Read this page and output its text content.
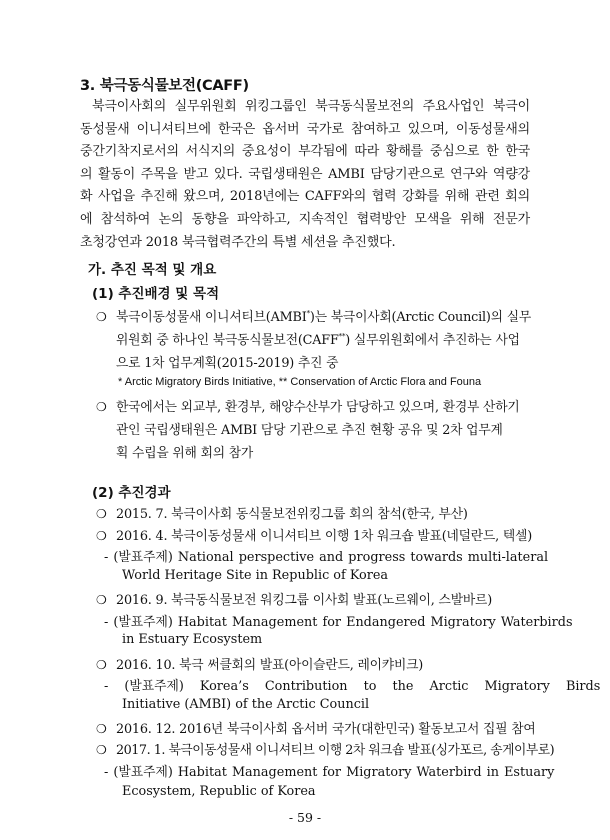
3. 북극동식물보전(CAFF)
북극이사회의 실무위원회 위킹그룹인 북극동식물보전의 주요사업인 북극이
동성물새 이니셔티브에 한국은 옵서버 국가로 참여하고 있으며, 이동성물새의
중간기착지로서의 서식지의 중요성이 부각됨에 따라 황해를 중심으로 한 한국
의 활동이 주목을 받고 있다. 국립생태원은 AMBI 담당기관으로 연구와 역량강
화 사업을 추진해 왔으며, 2018년에는 CAFF와의 협력 강화를 위해 관련 회의
에 참석하여 논의 동향을 파악하고, 지속적인 협력방안 모색을 위해 전문가
초청강연과 2018 북극협력주간의 특별 세션을 추진했다.
가. 추진 목적 및 개요
(1) 추진배경 및 목적
❍ 북극이동성물새 이니셔티브(AMBI*)는 북극이사회(Arctic Council)의 실무
위원회 중 하나인 북극동식물보전(CAFF**) 실무위원회에서 추진하는 사업
으로 1차 업무계획(2015-2019) 추진 중
* Arctic Migratory Birds Initiative, ** Conservation of Arctic Flora and Founa
❍ 한국에서는 외교부, 환경부, 해양수산부가 담당하고 있으며, 환경부 산하기
관인 국립생태원은 AMBI 담당 기관으로 추진 현황 공유 및 2차 업무계
획 수립을 위해 회의 참가
(2) 추진경과
❍ 2015. 7. 북극이사회 동식물보전위킹그룹 회의 참석(한국, 부산)
❍ 2016. 4. 북극이동성물새 이니셔티브 이행 1차 워크숍 발표(네덜란드, 텍셀)
- (발표주제) National perspective and progress towards multi-lateral
World Heritage Site in Republic of Korea
❍ 2016. 9. 북극동식물보전 워킹그룹 이사회 발표(노르웨이, 스발바르)
- (발표주제) Habitat Management for Endangered Migratory Waterbirds
in Estuary Ecosystem
❍ 2016. 10. 북극 써클회의 발표(아이슬란드, 레이캬비크)
- (발표주제) Korea’s Contribution to the Arctic Migratory Birds
Initiative (AMBI) of the Arctic Council
❍ 2016. 12. 2016년 북극이사회 옵서버 국가(대한민국) 활동보고서 집필 참여
❍ 2017. 1. 북극이동성물새 이니셔티브 이행 2차 워크숍 발표(싱가포르, 송게이부로)
- 59 -
- (발표주제) Habitat Management for Migratory Waterbird in Estuary
Ecosystem, Republic of Korea
